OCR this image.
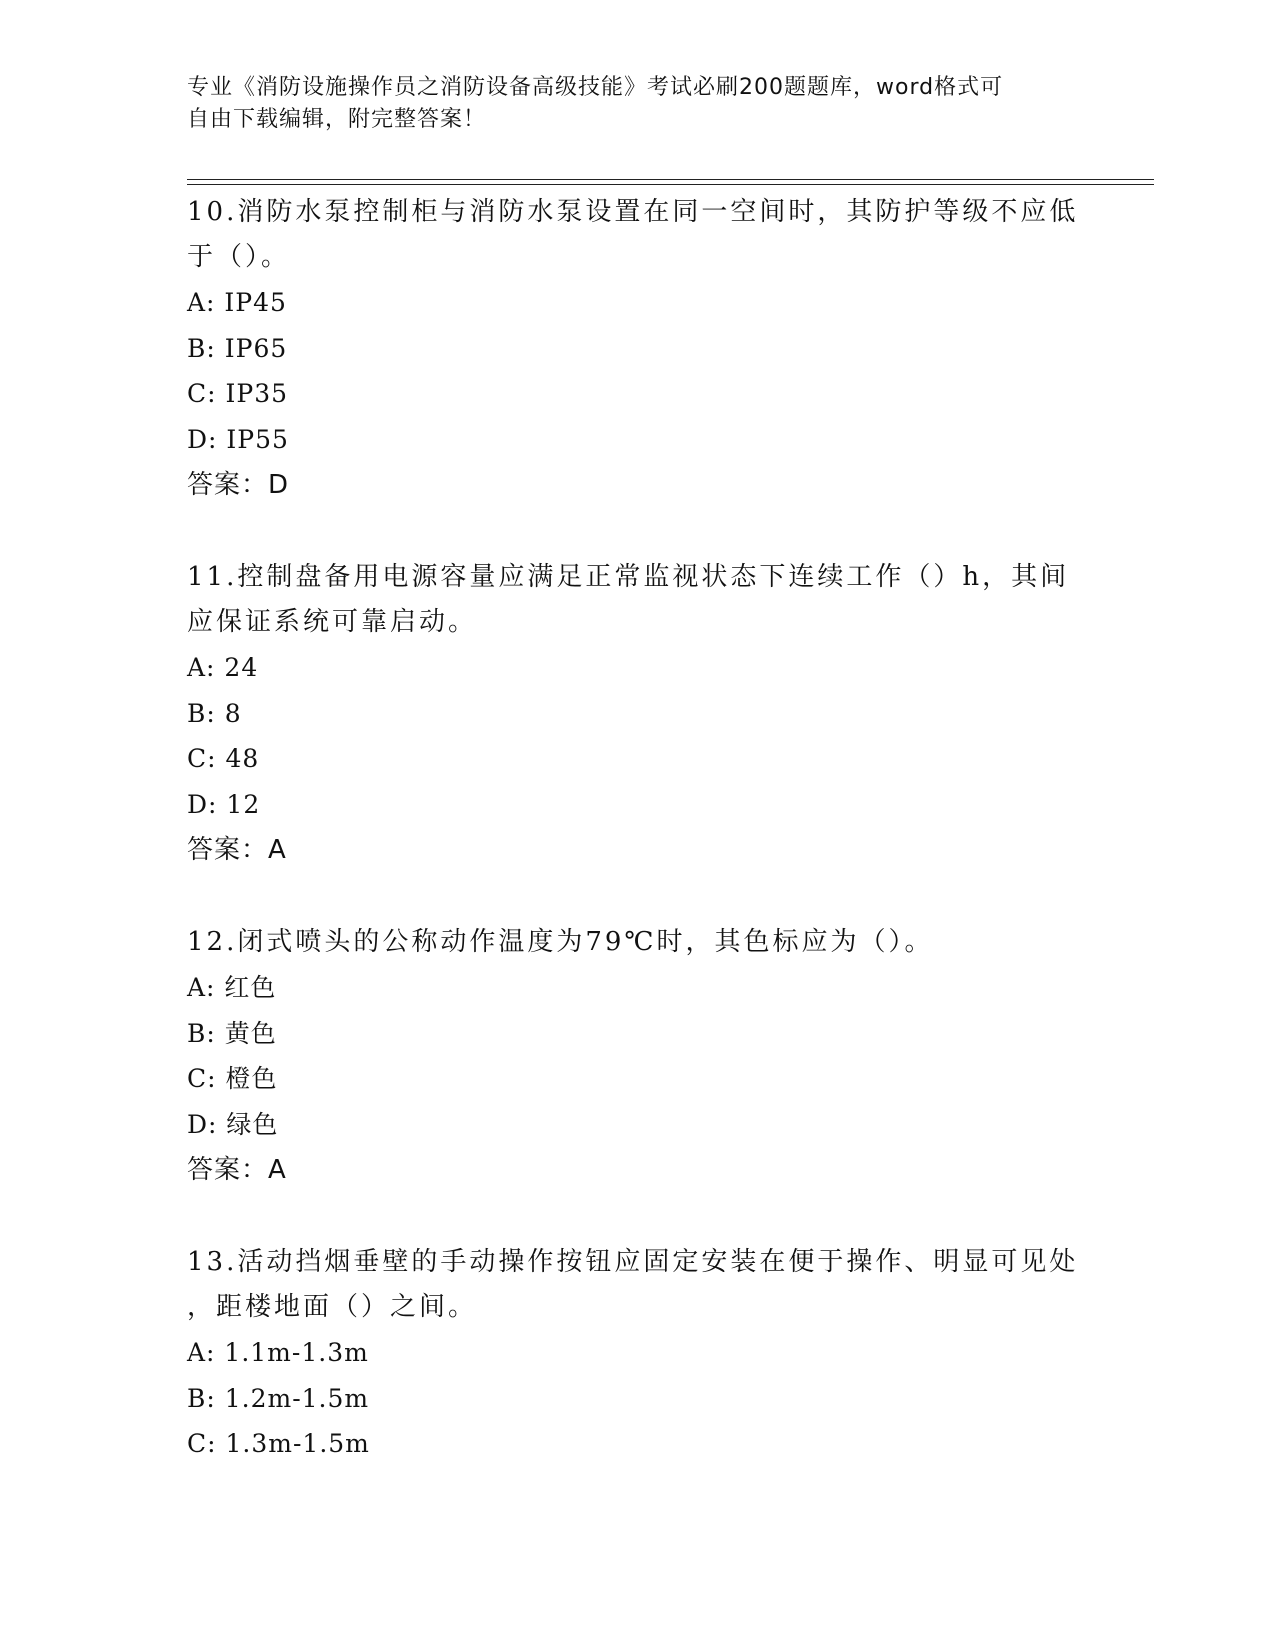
专业《消防设施操作员之消防设备高级技能》考试必刷200题题库，word格式可
自由下载编辑，附完整答案！

10.消防水泵控制柜与消防水泵设置在同一空间时，其防护等级不应低
于（）。

A: IP45

B: IP65

C: IP35

D: IP55

答案：D

11.控制盘备用电源容量应满足正常监视状态下连续工作（）h，其间
应保证系统可靠启动。

A: 24

B: 8

C: 48

D: 12

答案：A

12.闭式喷头的公称动作温度为79℃时，其色标应为（）。

A: 红色

B: 黄色

C: 橙色

D: 绿色

答案：A

13.活动挡烟垂壁的手动操作按钮应固定安装在便于操作、明显可见处
，距楼地面（）之间。

A: 1.1m-1.3m

B: 1.2m-1.5m

C: 1.3m-1.5m
